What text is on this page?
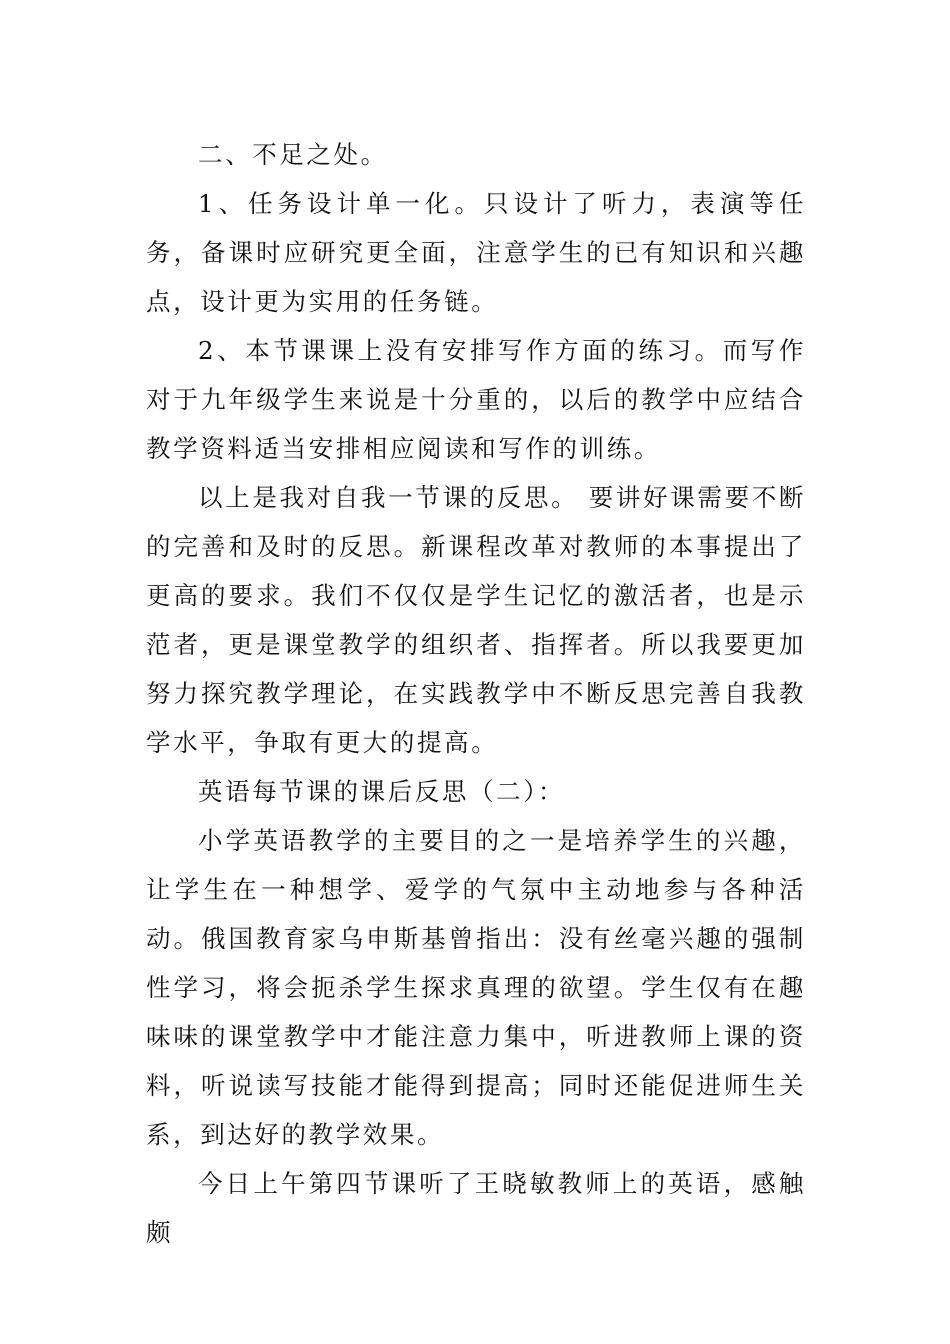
二、不足之处。

1、任务设计单一化。只设计了听力，表演等任务，备课时应研究更全面，注意学生的已有知识和兴趣点，设计更为实用的任务链。

2、本节课课上没有安排写作方面的练习。而写作对于九年级学生来说是十分重的，以后的教学中应结合教学资料适当安排相应阅读和写作的训练。

以上是我对自我一节课的反思。 要讲好课需要不断的完善和及时的反思。新课程改革对教师的本事提出了更高的要求。我们不仅仅是学生记忆的激活者，也是示范者，更是课堂教学的组织者、指挥者。所以我要更加努力探究教学理论，在实践教学中不断反思完善自我教学水平，争取有更大的提高。

英语每节课的课后反思（二）：

小学英语教学的主要目的之一是培养学生的兴趣，让学生在一种想学、爱学的气氛中主动地参与各种活动。俄国教育家乌申斯基曾指出：没有丝毫兴趣的强制性学习，将会扼杀学生探求真理的欲望。学生仅有在趣味味的课堂教学中才能注意力集中，听进教师上课的资料，听说读写技能才能得到提高；同时还能促进师生关系，到达好的教学效果。

今日上午第四节课听了王晓敏教师上的英语，感触颇
